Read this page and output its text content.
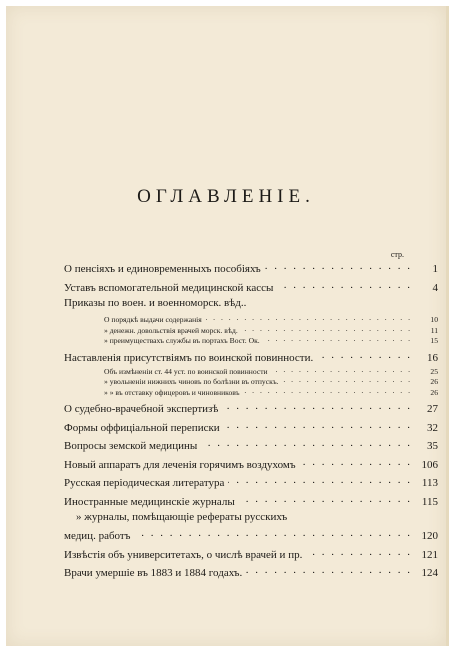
ОГЛАВЛЕНІЕ.
стр.
О пенсіяхъ и единовременныхъ пособіяхъ . . .	1
Уставъ вспомогательной медицинской кассы . . .	4
Приказы по воен. и военноморск. вѣд..
О порядкѣ выдачи содержанія . . .	10
» денежн. довольствія врачей морск. вѣд. . . .	11
» преимуществахъ службы въ портахъ Вост. Ок. . . .	15
Наставленія присутствіямъ по воинской повинности. . . .	16
Объ измѣненіи ст. 44 уст. по воинской повинности . . .	25
» увольненіи нижнихъ чиновъ по болѣзни въ отпускъ. . . .	26
» » въ отставку офицеровъ и чиновниковъ . . .	26
О судебно-врачебной экспертизѣ . . .	27
Формы оффиціальной переписки . . .	32
Вопросы земской медицины . . .	35
Новый аппаратъ для леченія горячимъ воздухомъ . . .	106
Русская періодическая литература . . .	113
Иностранные медицинскіе журналы . . .	115
» журналы, помѣщающіе рефераты русскихъ
медиц. работъ . . .	120
Извѣстія объ университетахъ, о числѣ врачей и пр. . . .	121
Врачи умершіе въ 1883 и 1884 годахъ. . . .	124
